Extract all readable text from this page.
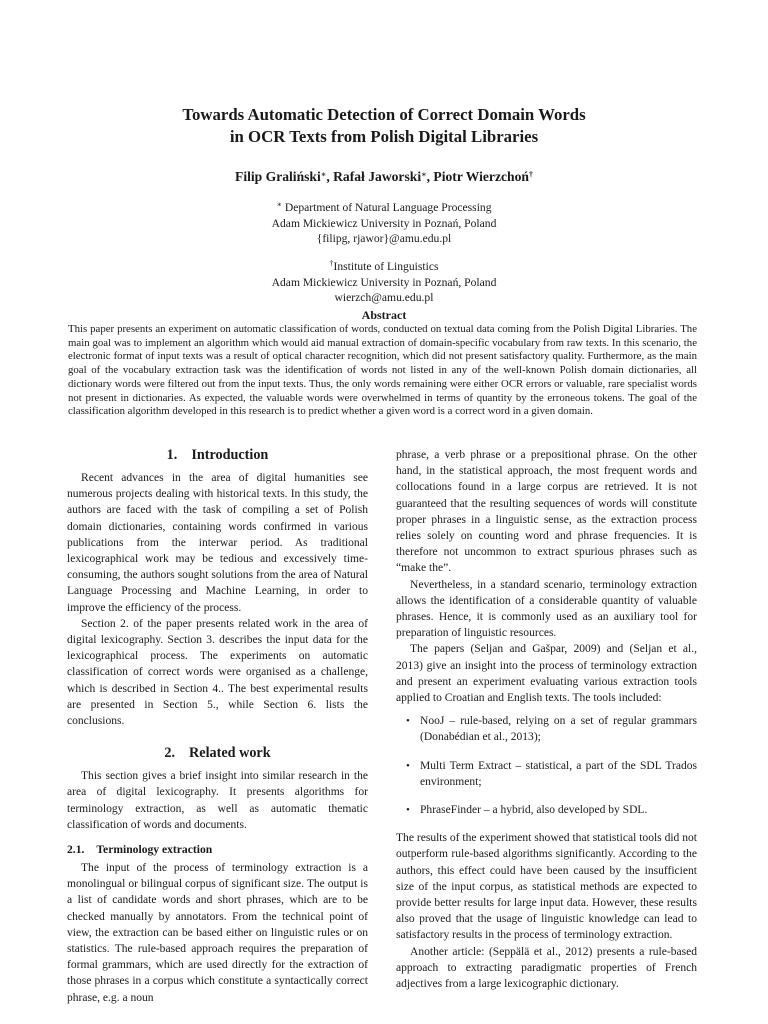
Towards Automatic Detection of Correct Domain Words
in OCR Texts from Polish Digital Libraries
Filip Graliński∗, Rafał Jaworski∗, Piotr Wierzchoń†
∗ Department of Natural Language Processing
Adam Mickiewicz University in Poznań, Poland
{filipg, rjawor}@amu.edu.pl
†Institute of Linguistics
Adam Mickiewicz University in Poznań, Poland
wierzch@amu.edu.pl
Abstract
This paper presents an experiment on automatic classification of words, conducted on textual data coming from the Polish Digital Libraries. The main goal was to implement an algorithm which would aid manual extraction of domain-specific vocabulary from raw texts. In this scenario, the electronic format of input texts was a result of optical character recognition, which did not present satisfactory quality. Furthermore, as the main goal of the vocabulary extraction task was the identification of words not listed in any of the well-known Polish domain dictionaries, all dictionary words were filtered out from the input texts. Thus, the only words remaining were either OCR errors or valuable, rare specialist words not present in dictionaries. As expected, the valuable words were overwhelmed in terms of quantity by the erroneous tokens. The goal of the classification algorithm developed in this research is to predict whether a given word is a correct word in a given domain.
1. Introduction

Recent advances in the area of digital humanities see numerous projects dealing with historical texts. In this study, the authors are faced with the task of compiling a set of Polish domain dictionaries, containing words confirmed in various publications from the interwar period. As traditional lexicographical work may be tedious and excessively time-consuming, the authors sought solutions from the area of Natural Language Processing and Machine Learning, in order to improve the efficiency of the process.

Section 2. of the paper presents related work in the area of digital lexicography. Section 3. describes the input data for the lexicographical process. The experiments on automatic classification of correct words were organised as a challenge, which is described in Section 4.. The best experimental results are presented in Section 5., while Section 6. lists the conclusions.

2. Related work

This section gives a brief insight into similar research in the area of digital lexicography. It presents algorithms for terminology extraction, as well as automatic thematic classification of words and documents.

2.1. Terminology extraction

The input of the process of terminology extraction is a monolingual or bilingual corpus of significant size. The output is a list of candidate words and short phrases, which are to be checked manually by annotators. From the technical point of view, the extraction can be based either on linguistic rules or on statistics. The rule-based approach requires the preparation of formal grammars, which are used directly for the extraction of those phrases in a corpus which constitute a syntactically correct phrase, e.g. a noun

phrase, a verb phrase or a prepositional phrase. On the other hand, in the statistical approach, the most frequent words and collocations found in a large corpus are retrieved. It is not guaranteed that the resulting sequences of words will constitute proper phrases in a linguistic sense, as the extraction process relies solely on counting word and phrase frequencies. It is therefore not uncommon to extract spurious phrases such as “make the”.

Nevertheless, in a standard scenario, terminology extraction allows the identification of a considerable quantity of valuable phrases. Hence, it is commonly used as an auxiliary tool for preparation of linguistic resources.

The papers (Seljan and Gašpar, 2009) and (Seljan et al., 2013) give an insight into the process of terminology extraction and present an experiment evaluating various extraction tools applied to Croatian and English texts. The tools included:

• NooJ – rule-based, relying on a set of regular grammars (Donabédian et al., 2013);
• Multi Term Extract – statistical, a part of the SDL Trados environment;
• PhraseFinder – a hybrid, also developed by SDL.

The results of the experiment showed that statistical tools did not outperform rule-based algorithms significantly. According to the authors, this effect could have been caused by the insufficient size of the input corpus, as statistical methods are expected to provide better results for large input data. However, these results also proved that the usage of linguistic knowledge can lead to satisfactory results in the process of terminology extraction.

Another article: (Seppälä et al., 2012) presents a rule-based approach to extracting paradigmatic properties of French adjectives from a large lexicographic dictionary.
